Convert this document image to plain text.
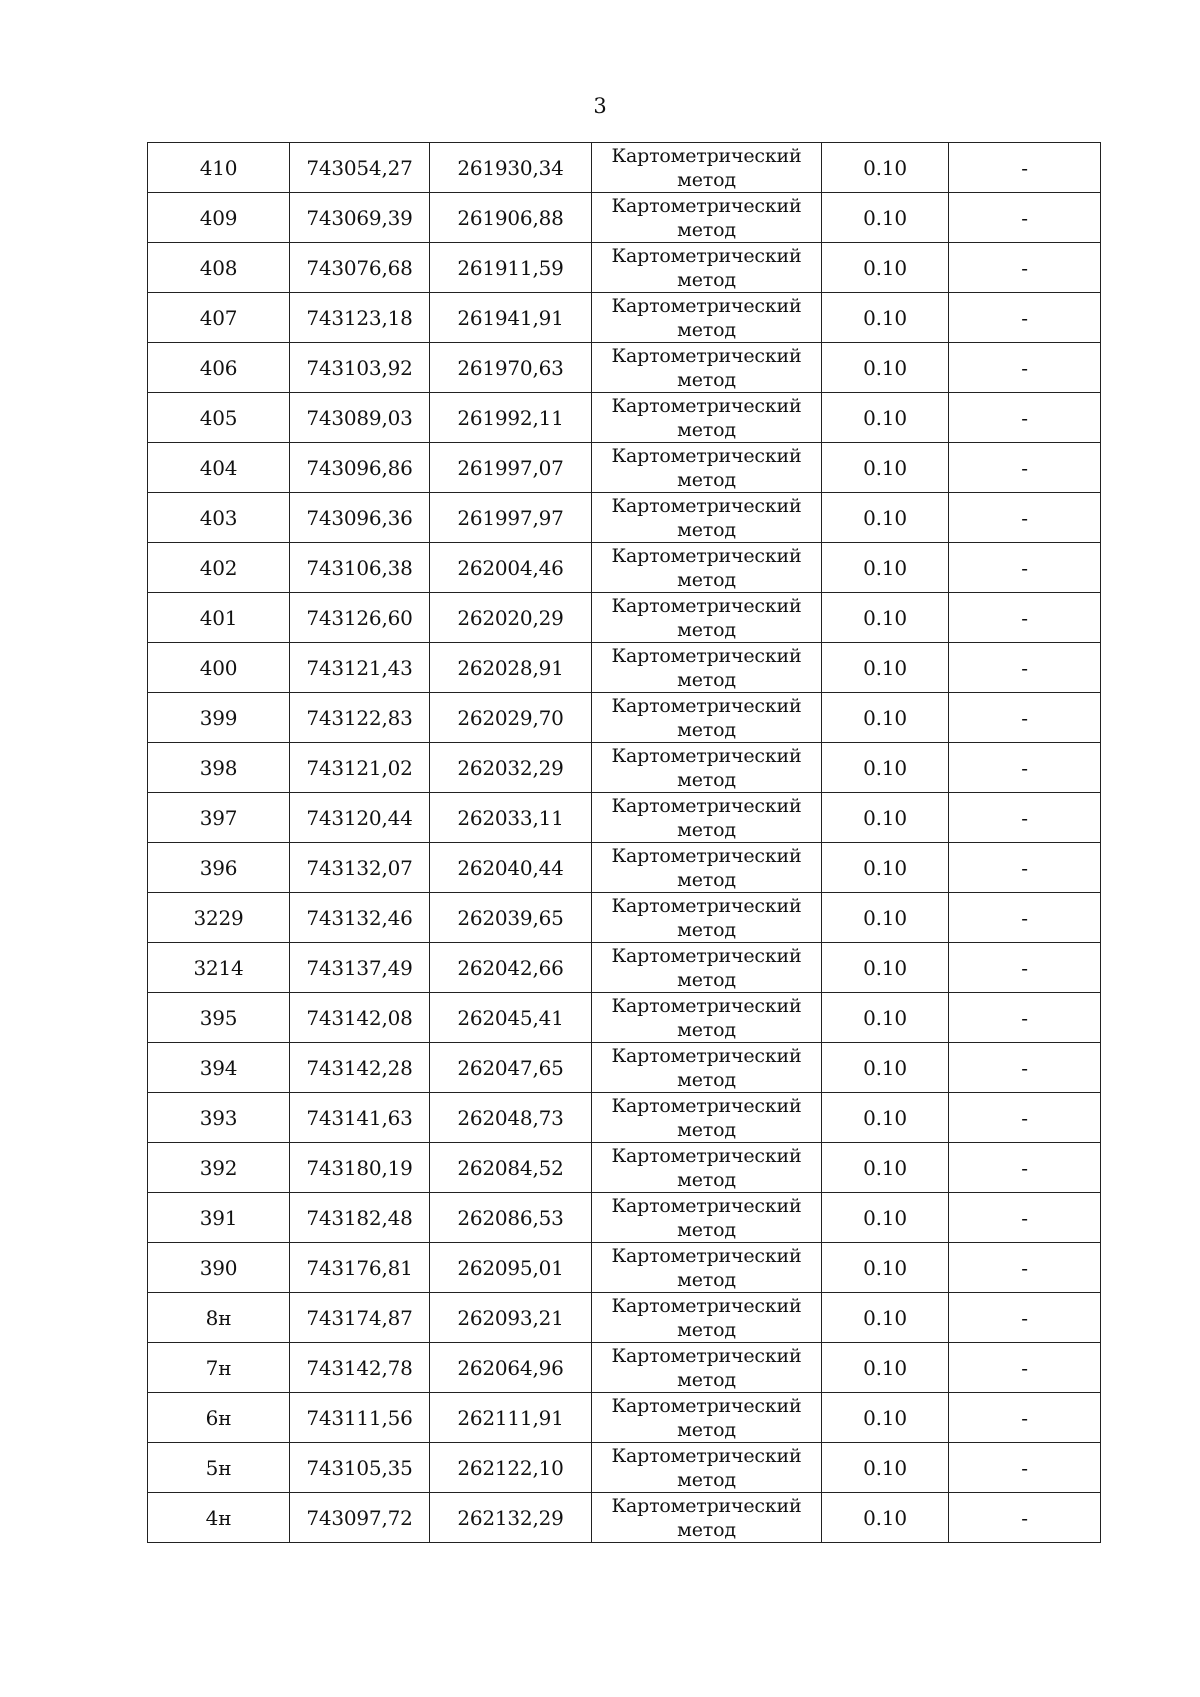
3
410	743054,27	261930,34	Картометрический метод	0.10	-
409	743069,39	261906,88	Картометрический метод	0.10	-
408	743076,68	261911,59	Картометрический метод	0.10	-
407	743123,18	261941,91	Картометрический метод	0.10	-
406	743103,92	261970,63	Картометрический метод	0.10	-
405	743089,03	261992,11	Картометрический метод	0.10	-
404	743096,86	261997,07	Картометрический метод	0.10	-
403	743096,36	261997,97	Картометрический метод	0.10	-
402	743106,38	262004,46	Картометрический метод	0.10	-
401	743126,60	262020,29	Картометрический метод	0.10	-
400	743121,43	262028,91	Картометрический метод	0.10	-
399	743122,83	262029,70	Картометрический метод	0.10	-
398	743121,02	262032,29	Картометрический метод	0.10	-
397	743120,44	262033,11	Картометрический метод	0.10	-
396	743132,07	262040,44	Картометрический метод	0.10	-
3229	743132,46	262039,65	Картометрический метод	0.10	-
3214	743137,49	262042,66	Картометрический метод	0.10	-
395	743142,08	262045,41	Картометрический метод	0.10	-
394	743142,28	262047,65	Картометрический метод	0.10	-
393	743141,63	262048,73	Картометрический метод	0.10	-
392	743180,19	262084,52	Картометрический метод	0.10	-
391	743182,48	262086,53	Картометрический метод	0.10	-
390	743176,81	262095,01	Картометрический метод	0.10	-
8н	743174,87	262093,21	Картометрический метод	0.10	-
7н	743142,78	262064,96	Картометрический метод	0.10	-
6н	743111,56	262111,91	Картометрический метод	0.10	-
5н	743105,35	262122,10	Картометрический метод	0.10	-
4н	743097,72	262132,29	Картометрический метод	0.10	-
